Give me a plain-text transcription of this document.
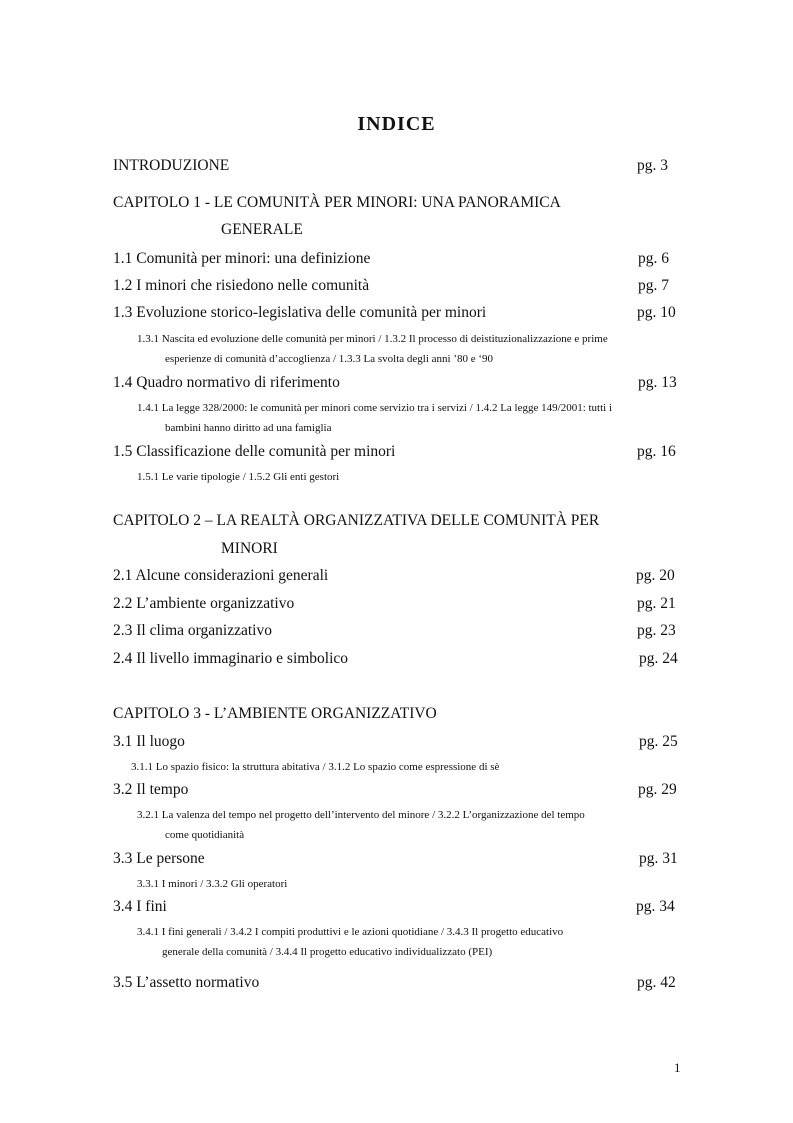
INDICE
INTRODUZIONE	pg. 3
CAPITOLO 1 - LE COMUNITÀ PER MINORI: UNA PANORAMICA
GENERALE
1.1 Comunità per minori: una definizione	pg. 6
1.2 I minori che risiedono nelle comunità	pg. 7
1.3 Evoluzione storico-legislativa delle comunità per minori	pg. 10
1.3.1 Nascita ed evoluzione delle comunità per minori / 1.3.2 Il processo di deistituzionalizzazione e prime
esperienze di comunità d’accoglienza / 1.3.3 La svolta degli anni ’80 e ‘90
1.4 Quadro normativo di riferimento	pg. 13
1.4.1 La legge 328/2000: le comunità per minori come servizio tra i servizi / 1.4.2 La legge 149/2001: tutti i
bambini hanno diritto ad una famiglia
1.5 Classificazione delle comunità per minori	pg. 16
1.5.1 Le varie tipologie / 1.5.2 Gli enti gestori
CAPITOLO 2 – LA REALTÀ ORGANIZZATIVA DELLE COMUNITÀ PER
MINORI
2.1 Alcune considerazioni generali	pg. 20
2.2 L’ambiente organizzativo	pg. 21
2.3 Il clima organizzativo	pg. 23
2.4 Il livello immaginario e simbolico	pg. 24
CAPITOLO 3 - L’AMBIENTE ORGANIZZATIVO
3.1 Il luogo	pg. 25
3.1.1 Lo spazio fisico: la struttura abitativa / 3.1.2 Lo spazio come espressione di sè
3.2 Il tempo	pg. 29
3.2.1 La valenza del tempo nel progetto dell’intervento del minore / 3.2.2 L’organizzazione del tempo
come quotidianità
3.3 Le persone	pg. 31
3.3.1 I minori / 3.3.2 Gli operatori
3.4 I fini	pg. 34
3.4.1 I fini generali / 3.4.2 I compiti produttivi e le azioni quotidiane / 3.4.3 Il progetto educativo
generale della comunità / 3.4.4 Il progetto educativo individualizzato (PEI)
3.5 L’assetto normativo	pg. 42
1
